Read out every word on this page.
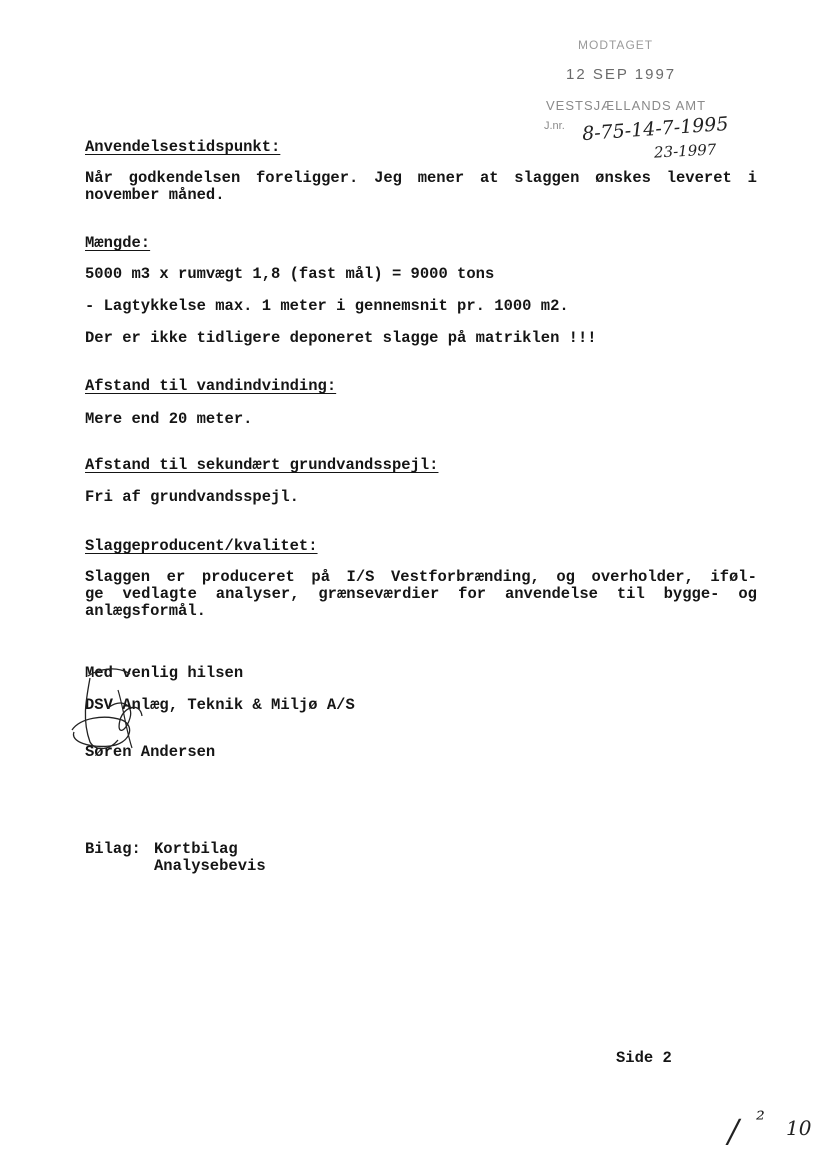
MODTAGET
12 SEP 1997
VESTSJÆLLANDS AMT
J.nr. 8-75-14-7-1995
23-1997
Anvendelsestidspunkt:
Når godkendelsen foreligger. Jeg mener at slaggen ønskes leveret i
november måned.
Mængde:
5000 m3 x rumvægt 1,8 (fast mål) = 9000 tons
- Lagtykkelse max. 1 meter i gennemsnit pr. 1000 m2.
Der er ikke tidligere deponeret slagge på matriklen !!!
Afstand til vandindvinding:
Mere end 20 meter.
Afstand til sekundært grundvandsspejl:
Fri af grundvandsspejl.
Slaggeproducent/kvalitet:
Slaggen er produceret på I/S Vestforbrænding, og overholder, iføl-
ge vedlagte analyser, grænseværdier for anvendelse til bygge- og
anlægsformål.
Med venlig hilsen
DSV Anlæg, Teknik & Miljø A/S
Søren Andersen
Bilag: Kortbilag
Analysebevis
Side 2
/ ² 10
